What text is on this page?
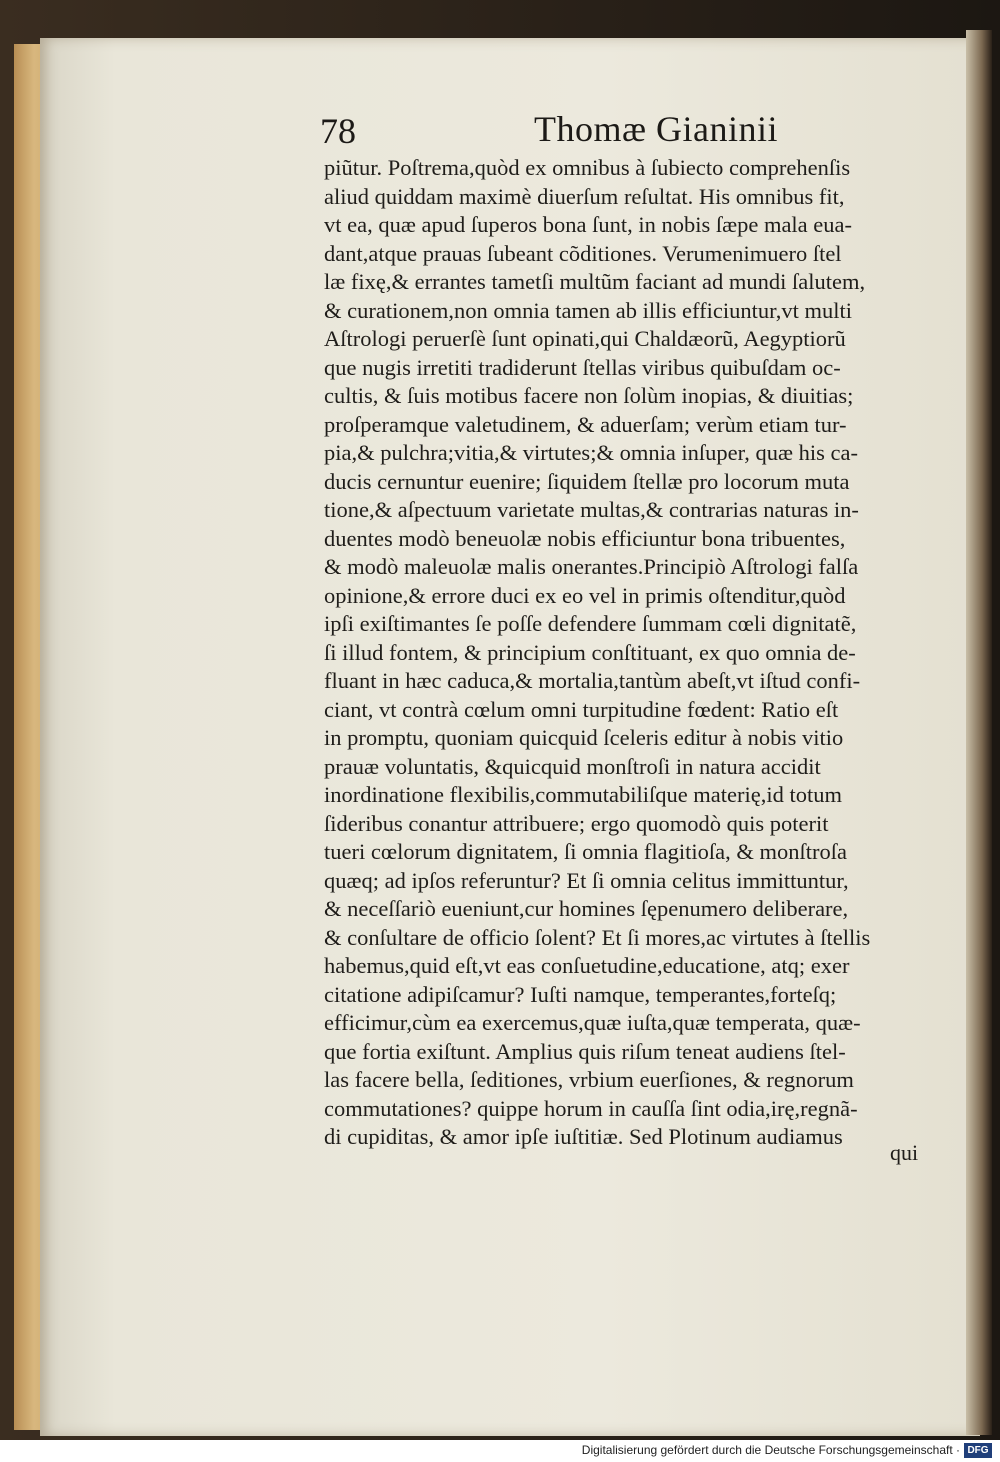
78	Thomæ Gianinii
piũtur. Poſtrema,quòd ex omnibus à ſubiecto comprehenſis
aliud quiddam maximè diuerſum reſultat. His omnibus fit,
vt ea, quæ apud ſuperos bona ſunt, in nobis ſæpe mala eua-
dant,atque prauas ſubeant cõditiones. Verumenimuero ſtel
læ fixę,& errantes tametſi multũm faciant ad mundi ſalutem,
& curationem,non omnia tamen ab illis efficiuntur,vt multi
Aſtrologi peruerſè ſunt opinati,qui Chaldæorũ, Aegyptiorũ
que nugis irretiti tradiderunt ſtellas viribus quibuſdam oc-
cultis, & ſuis motibus facere non ſolùm inopias, & diuitias;
proſperamque valetudinem, & aduerſam; verùm etiam tur-
pia,& pulchra;vitia,& virtutes;& omnia inſuper, quæ his ca-
ducis cernuntur euenire; ſiquidem ſtellæ pro locorum muta
tione,& aſpectuum varietate multas,& contrarias naturas in-
duentes modò beneuolæ nobis efficiuntur bona tribuentes,
& modò maleuolæ malis onerantes.Principiò Aſtrologi falſa
opinione,& errore duci ex eo vel in primis oſtenditur,quòd
ipſi exiſtimantes ſe poſſe defendere ſummam cœli dignitatẽ,
ſi illud fontem, & principium conſtituant, ex quo omnia de-
fluant in hæc caduca,& mortalia,tantùm abeſt,vt iſtud confi-
ciant, vt contrà cœlum omni turpitudine fœdent: Ratio eſt
in promptu, quoniam quicquid ſceleris editur à nobis vitio
prauæ voluntatis, &quicquid monſtroſi in natura accidit
inordinatione flexibilis,commutabiliſque materię,id totum
ſideribus conantur attribuere; ergo quomodò quis poterit
tueri cœlorum dignitatem, ſi omnia flagitioſa, & monſtroſa
quæq; ad ipſos referuntur? Et ſi omnia celitus immittuntur,
& neceſſariò eueniunt,cur homines ſępenumero deliberare,
& conſultare de officio ſolent? Et ſi mores,ac virtutes à ſtellis
habemus,quid eſt,vt eas conſuetudine,educatione, atq; exer
citatione adipiſcamur? Iuſti namque, temperantes,forteſq;
efficimur,cùm ea exercemus,quæ iuſta,quæ temperata, quæ-
que fortia exiſtunt. Amplius quis riſum teneat audiens ſtel-
las facere bella, ſeditiones, vrbium euerſiones, & regnorum
commutationes? quippe horum in cauſſa ſint odia,irę,regnã-
di cupiditas, & amor ipſe iuſtitiæ. Sed Plotinum audiamus
qui
Digitalisierung gefördert durch die Deutsche Forschungsgemeinschaft · DFG
